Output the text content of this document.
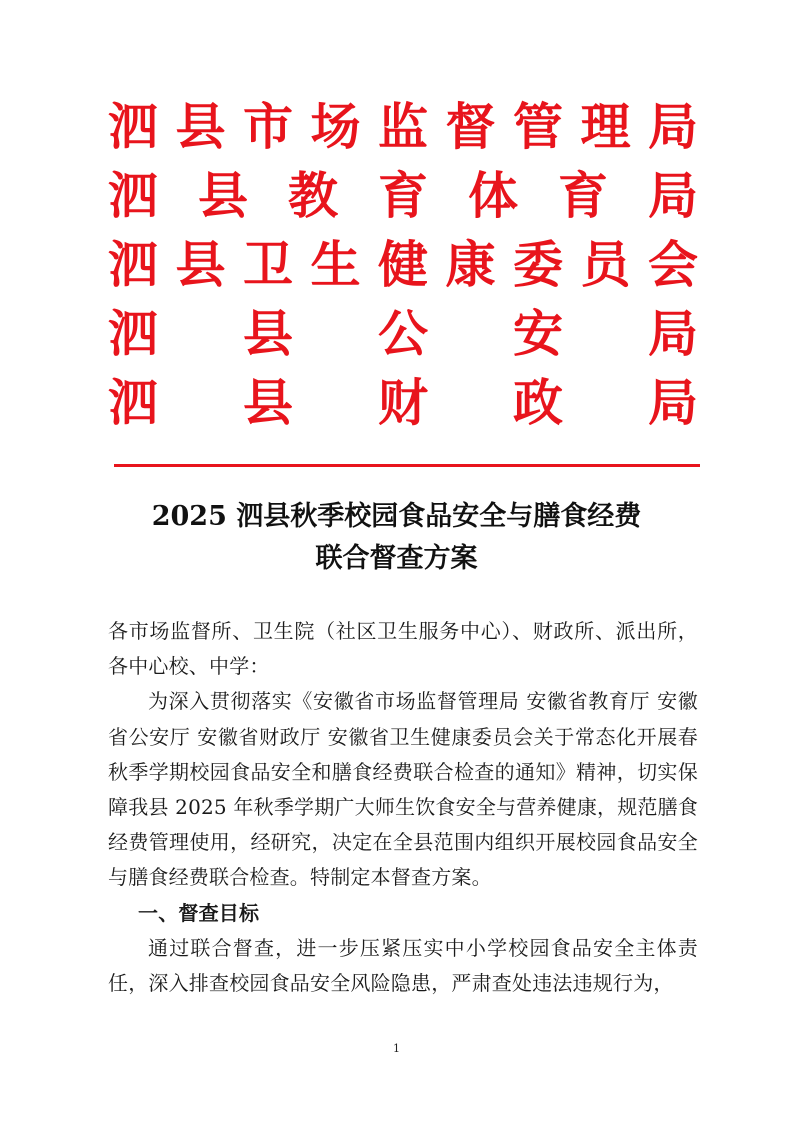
泗 县 市 场 监 督 管 理 局
泗 县 教 育 体 育 局
泗 县 卫 生 健 康 委 员 会
泗 县 公 安 局
泗 县 财 政 局
2025 泗县秋季校园食品安全与膳食经费
联合督查方案

各市场监督所、卫生院（社区卫生服务中心）、财政所、派出所，各中心校、中学：

为深入贯彻落实《安徽省市场监督管理局 安徽省教育厅 安徽省公安厅 安徽省财政厅 安徽省卫生健康委员会关于常态化开展春秋季学期校园食品安全和膳食经费联合检查的通知》精神，切实保障我县 2025 年秋季学期广大师生饮食安全与营养健康，规范膳食经费管理使用，经研究，决定在全县范围内组织开展校园食品安全与膳食经费联合检查。特制定本督查方案。

一、督查目标

通过联合督查，进一步压紧压实中小学校园食品安全主体责任，深入排查校园食品安全风险隐患，严肃查处违法违规行为，

1
